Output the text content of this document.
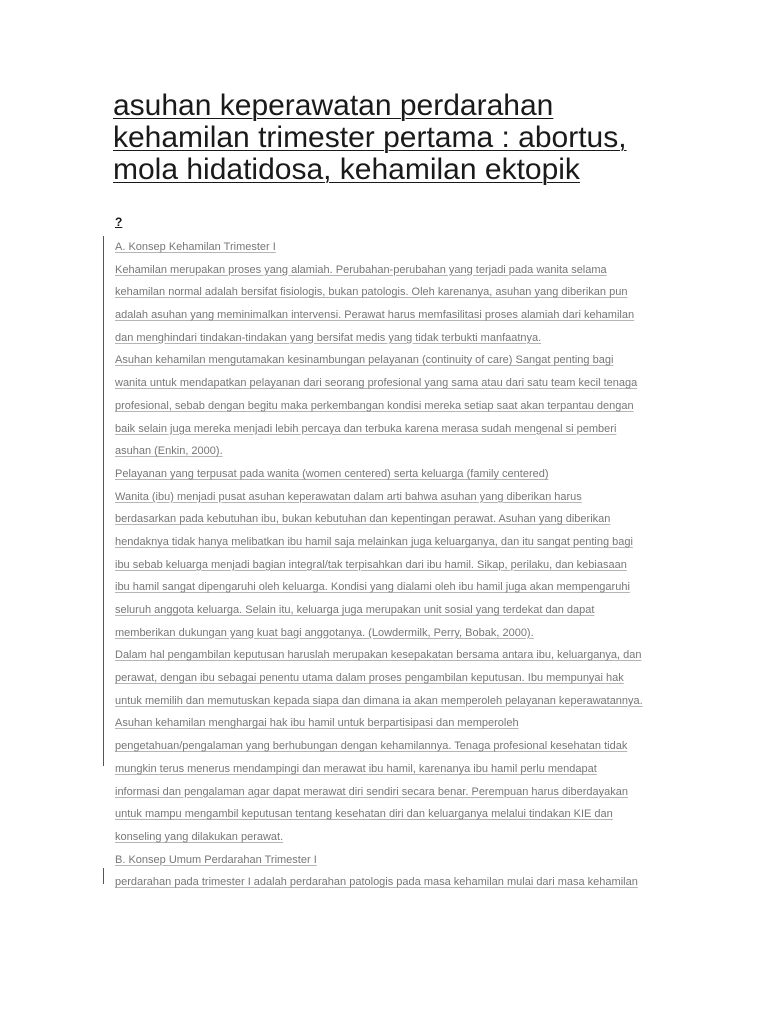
asuhan keperawatan perdarahan kehamilan trimester pertama : abortus, mola hidatidosa, kehamilan ektopik
?
A. Konsep Kehamilan Trimester I
Kehamilan merupakan proses yang alamiah. Perubahan-perubahan yang terjadi pada wanita selama
kehamilan normal adalah bersifat fisiologis, bukan patologis. Oleh karenanya, asuhan yang diberikan pun
adalah asuhan yang meminimalkan intervensi. Perawat harus memfasilitasi proses alamiah dari kehamilan
dan menghindari tindakan-tindakan yang bersifat medis yang tidak terbukti manfaatnya.
Asuhan kehamilan mengutamakan kesinambungan pelayanan (continuity of care) Sangat penting bagi
wanita untuk mendapatkan pelayanan dari seorang profesional yang sama atau dari satu team kecil tenaga
profesional, sebab dengan begitu maka perkembangan kondisi mereka setiap saat akan terpantau dengan
baik selain juga mereka menjadi lebih percaya dan terbuka karena merasa sudah mengenal si pemberi
asuhan (Enkin, 2000).
Pelayanan yang terpusat pada wanita (women centered) serta keluarga (family centered)
Wanita (ibu) menjadi pusat asuhan keperawatan dalam arti bahwa asuhan yang diberikan harus
berdasarkan pada kebutuhan ibu, bukan kebutuhan dan kepentingan perawat. Asuhan yang diberikan
hendaknya tidak hanya melibatkan ibu hamil saja melainkan juga keluarganya, dan itu sangat penting bagi
ibu sebab keluarga menjadi bagian integral/tak terpisahkan dari ibu hamil. Sikap, perilaku, dan kebiasaan
ibu hamil sangat dipengaruhi oleh keluarga. Kondisi yang dialami oleh ibu hamil juga akan mempengaruhi
seluruh anggota keluarga. Selain itu, keluarga juga merupakan unit sosial yang terdekat dan dapat
memberikan dukungan yang kuat bagi anggotanya. (Lowdermilk, Perry, Bobak, 2000).
Dalam hal pengambilan keputusan haruslah merupakan kesepakatan bersama antara ibu, keluarganya, dan
perawat, dengan ibu sebagai penentu utama dalam proses pengambilan keputusan. Ibu mempunyai hak
untuk memilih dan memutuskan kepada siapa dan dimana ia akan memperoleh pelayanan keperawatannya.
Asuhan kehamilan menghargai hak ibu hamil untuk berpartisipasi dan memperoleh
pengetahuan/pengalaman yang berhubungan dengan kehamilannya. Tenaga profesional kesehatan tidak
mungkin terus menerus mendampingi dan merawat ibu hamil, karenanya ibu hamil perlu mendapat
informasi dan pengalaman agar dapat merawat diri sendiri secara benar. Perempuan harus diberdayakan
untuk mampu mengambil keputusan tentang kesehatan diri dan keluarganya melalui tindakan KIE dan
konseling yang dilakukan perawat.
B. Konsep Umum Perdarahan Trimester I
perdarahan pada trimester I adalah perdarahan patologis pada masa kehamilan mulai dari masa kehamilan
